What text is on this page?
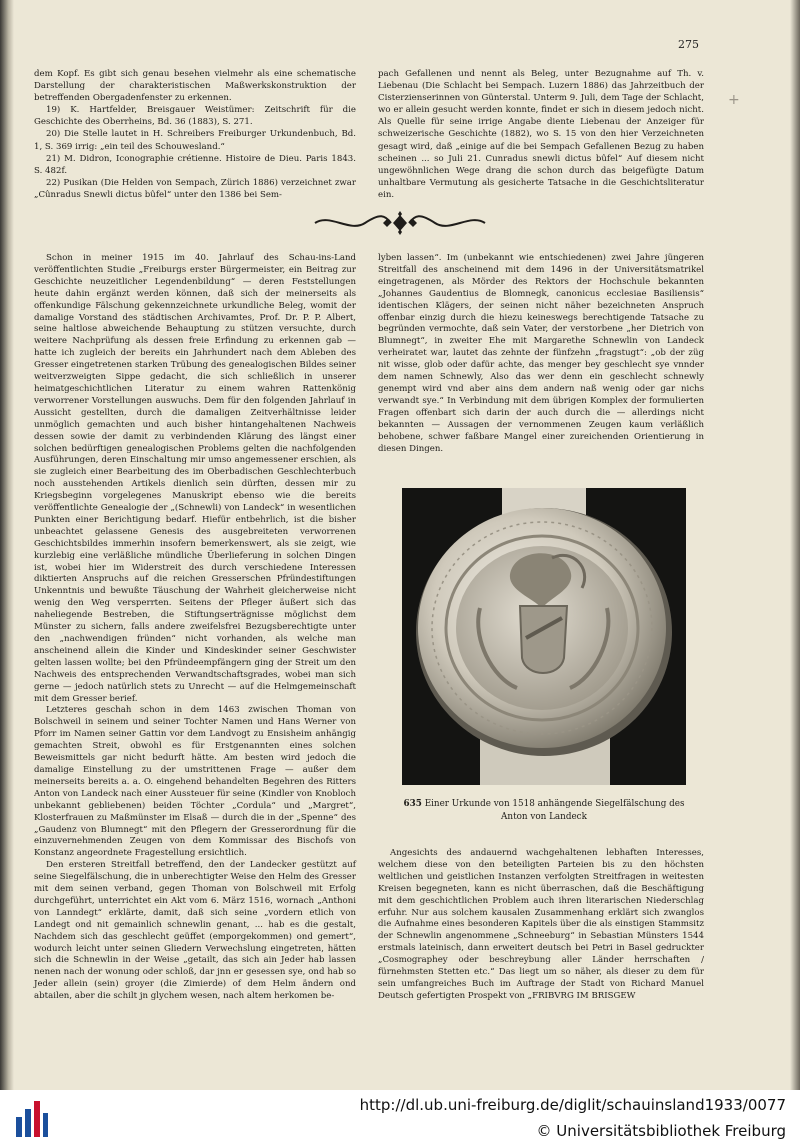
275
+

dem Kopf. Es gibt sich genau besehen vielmehr als eine schematische Darstellung der charakteristischen Maßwerkskonstruktion der betreffenden Obergadenfenster zu erkennen.

19) K. Hartfelder, Breisgauer Weistümer: Zeitschrift für die Geschichte des Oberrheins, Bd. 36 (1883), S. 271.

20) Die Stelle lautet in H. Schreibers Freiburger Urkundenbuch, Bd. 1, S. 369 irrig: „ein teil des Schouwesland.“

21) M. Didron, Iconographie crétienne. Histoire de Dieu. Paris 1843. S. 482f.

22) Pusikan (Die Helden von Sempach, Zürich 1886) verzeichnet zwar „Cûnradus Snewli dictus bûfel“ unter den 1386 bei Sem-

pach Gefallenen und nennt als Beleg, unter Bezugnahme auf Th. v. Liebenau (Die Schlacht bei Sempach. Luzern 1886) das Jahrzeitbuch der Cisterzienserinnen von Günterstal. Unterm 9. Juli, dem Tage der Schlacht, wo er allein gesucht werden konnte, findet er sich in diesem jedoch nicht. Als Quelle für seine irrige Angabe diente Liebenau der Anzeiger für schweizerische Geschichte (1882), wo S. 15 von den hier Verzeichneten gesagt wird, daß „einige auf die bei Sempach Gefallenen Bezug zu haben scheinen ... so Juli 21. Cunradus snewli dictus bûfel“ Auf diesem nicht ungewöhnlichen Wege drang die schon durch das beigefügte Datum unhaltbare Vermutung als gesicherte Tatsache in die Geschichtsliteratur ein.

Schon in meiner 1915 im 40. Jahrlauf des Schau-ins-Land veröffentlichten Studie „Freiburgs erster Bürgermeister, ein Beitrag zur Geschichte neuzeitlicher Legendenbildung“ — deren Feststellungen heute dahin ergänzt werden können, daß sich der meinerseits als offenkundige Fälschung gekennzeichnete urkundliche Beleg, womit der damalige Vorstand des städtischen Archivamtes, Prof. Dr. P. P. Albert, seine haltlose abweichende Behauptung zu stützen versuchte, durch weitere Nachprüfung als dessen freie Erfindung zu erkennen gab — hatte ich zugleich der bereits ein Jahrhundert nach dem Ableben des Gresser eingetretenen starken Trübung des genealogischen Bildes seiner weitverzweigten Sippe gedacht, die sich schließlich in unserer heimatgeschichtlichen Literatur zu einem wahren Rattenkönig verworrener Vorstellungen auswuchs. Dem für den folgenden Jahrlauf in Aussicht gestellten, durch die damaligen Zeitverhältnisse leider unmöglich gemachten und auch bisher hintangehaltenen Nachweis dessen sowie der damit zu verbindenden Klärung des längst einer solchen bedürftigen genealogischen Problems gelten die nachfolgenden Ausführungen, deren Einschaltung mir umso angemessener erschien, als sie zugleich einer Bearbeitung des im Oberbadischen Geschlechterbuch noch ausstehenden Artikels dienlich sein dürften, dessen mir zu Kriegsbeginn vorgelegenes Manuskript ebenso wie die bereits veröffentlichte Genealogie der „(Schnewli) von Landeck“ in wesentlichen Punkten einer Berichtigung bedarf. Hiefür entbehrlich, ist die bisher unbeachtet gelassene Genesis des ausgebreiteten verworrenen Geschichtsbildes immerhin insofern bemerkenswert, als sie zeigt, wie kurzlebig eine verläßliche mündliche Überlieferung in solchen Dingen ist, wobei hier im Widerstreit des durch verschiedene Interessen diktierten Anspruchs auf die reichen Gresserschen Pfründestiftungen Unkenntnis und bewußte Täuschung der Wahrheit gleicherweise nicht wenig den Weg versperrten. Seitens der Pfleger äußert sich das naheliegende Bestreben, die Stiftungserträgnisse möglichst dem Münster zu sichern, falls andere zweifelsfrei Bezugsberechtigte unter den „nachwendigen fründen“ nicht vorhanden, als welche man anscheinend allein die Kinder und Kindeskinder seiner Geschwister gelten lassen wollte; bei den Pfründeempfängern ging der Streit um den Nachweis des entsprechenden Verwandtschaftsgrades, wobei man sich gerne — jedoch natürlich stets zu Unrecht — auf die Helmgemeinschaft mit dem Gresser berief.

Letzteres geschah schon in dem 1463 zwischen Thoman von Bolschweil in seinem und seiner Tochter Namen und Hans Werner von Pforr im Namen seiner Gattin vor dem Landvogt zu Ensisheim anhängig gemachten Streit, obwohl es für Erstgenannten eines solchen Beweismittels gar nicht bedurft hätte. Am besten wird jedoch die damalige Einstellung zu der umstrittenen Frage — außer dem meinerseits bereits a. a. O. eingehend behandelten Begehren des Ritters Anton von Landeck nach einer Aussteuer für seine (Kindler von Knobloch unbekannt gebliebenen) beiden Töchter „Cordula“ und „Margret“, Klosterfrauen zu Maßmünster im Elsaß — durch die in der „Spenne“ des „Gaudenz von Blumnegt“ mit den Pflegern der Gresserordnung für die einzuvernehmenden Zeugen von dem Kommissar des Bischofs von Konstanz angeordnete Fragestellung ersichtlich.

Den ersteren Streitfall betreffend, den der Landecker gestützt auf seine Siegelfälschung, die in unberechtigter Weise den Helm des Gresser mit dem seinen verband, gegen Thoman von Bolschweil mit Erfolg durchgeführt, unterrichtet ein Akt vom 6. März 1516, wornach „Anthoni von Lanndegt“ erklärte, damit, daß sich seine „vordern etlich von Landegt ond nit gemainlich schnewlin genant, ... hab es die gestalt, Nachdem sich das geschlecht geüffet (emporgekommen) ond gemert“, wodurch leicht unter seinen Gliedern Verwechslung eingetreten, hätten sich die Schnewlin in der Weise „getailt, das sich ain Jeder hab lassen nenen nach der wonung oder schloß, dar jnn er gesessen sye, ond hab so Jeder allein (sein) groyer (die Zimierde) of dem Helm ändern ond abtailen, aber die schilt jn glychem wesen, nach altem herkomen be-

lyben lassen“. Im (unbekannt wie entschiedenen) zwei Jahre jüngeren Streitfall des anscheinend mit dem 1496 in der Universitätsmatrikel eingetragenen, als Mörder des Rektors der Hochschule bekannten „Johannes Gaudentius de Blomnegk, canonicus ecclesiae Basiliensis“ identischen Klägers, der seinen nicht näher bezeichneten Anspruch offenbar einzig durch die hiezu keineswegs berechtigende Tatsache zu begründen vermochte, daß sein Vater, der verstorbene „her Dietrich von Blumnegt“, in zweiter Ehe mit Margarethe Schnewlin von Landeck verheiratet war, lautet das zehnte der fünfzehn „fragstugt“: „ob der züg nit wisse, glob oder dafür achte, das menger bey geschlecht sye vnnder dem namen Schnewly, Also das wer denn ein geschlecht schnewly genempt wird vnd aber ains dem andern naß wenig oder gar nichs verwandt sye.“ In Verbindung mit dem übrigen Komplex der formulierten Fragen offenbart sich darin der auch durch die — allerdings nicht bekannten — Aussagen der vernommenen Zeugen kaum verläßlich behobene, schwer faßbare Mangel einer zureichenden Orientierung in diesen Dingen.

635 Einer Urkunde von 1518 anhängende Siegelfälschung des Anton von Landeck

Angesichts des andauernd wachgehaltenen lebhaften Interesses, welchem diese von den beteiligten Parteien bis zu den höchsten weltlichen und geistlichen Instanzen verfolgten Streitfragen in weitesten Kreisen begegneten, kann es nicht überraschen, daß die Beschäftigung mit dem geschichtlichen Problem auch ihren literarischen Niederschlag erfuhr. Nur aus solchem kausalen Zusammenhang erklärt sich zwanglos die Aufnahme eines besonderen Kapitels über die als einstigen Stammsitz der Schnewlin angenommene „Schneeburg“ in Sebastian Münsters 1544 erstmals lateinisch, dann erweitert deutsch bei Petri in Basel gedruckter „Cosmographey oder beschreybung aller Länder herrschaften / fürnehmsten Stetten etc.“ Das liegt um so näher, als dieser zu dem für sein umfangreiches Buch im Auftrage der Stadt von Richard Manuel Deutsch gefertigten Prospekt von „FRIBVRG IM BRISGEW

http://dl.ub.uni-freiburg.de/diglit/schauinsland1933/0077
© Universitätsbibliothek Freiburg
